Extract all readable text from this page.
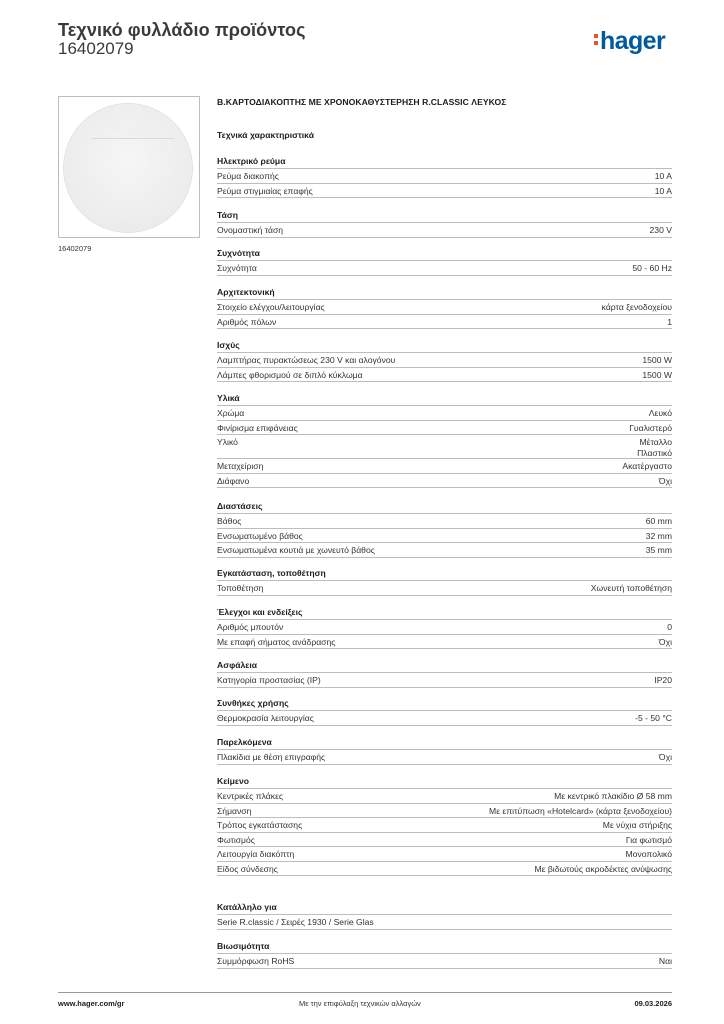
Τεχνικό φυλλάδιο προϊόντος
16402079	hager
Hotelcard
16402079
Β.ΚΑΡΤΟΔΙΑΚΟΠΤΗΣ ΜΕ ΧΡΟΝΟΚΑΘΥΣΤΕΡΗΣΗ R.CLASSIC ΛΕΥΚΟΣ
Τεχνικά χαρακτηριστικά
Ηλεκτρικό ρεύμα
Ρεύμα διακοπής	10 A
Ρεύμα στιγμιαίας επαφής	10 A
Τάση
Ονομαστική τάση	230 V
Συχνότητα
Συχνότητα	50 - 60 Hz
Αρχιτεκτονική
Στοιχείο ελέγχου/λειτουργίας	κάρτα ξενοδοχείου
Αριθμός πόλων	1
Ισχύς
Λαμπτήρας πυρακτώσεως 230 V και αλογόνου	1500 W
Λάμπες φθορισμού σε διπλό κύκλωμα	1500 W
Υλικά
Χρώμα	Λευκό
Φινίρισμα επιφάνειας	Γυαλιστερό
Υλικό	Μέταλλο
Πλαστικό
Μεταχείριση	Ακατέργαστο
Διάφανο	Όχι
Διαστάσεις
Βάθος	60 mm
Ενσωματωμένο βάθος	32 mm
Ενσωματωμένα κουτιά με χωνευτό βάθος	35 mm
Εγκατάσταση, τοποθέτηση
Τοποθέτηση	Χωνευτή τοποθέτηση
Έλεγχοι και ενδείξεις
Αριθμός μπουτόν	0
Με επαφή σήματος ανάδρασης	Όχι
Ασφάλεια
Κατηγορία προστασίας (IP)	IP20
Συνθήκες χρήσης
Θερμοκρασία λειτουργίας	-5 - 50 °C
Παρελκόμενα
Πλακίδια με θέση επιγραφής	Όχι
Κείμενο
Κεντρικές πλάκες	Με κεντρικό πλακίδιο Ø 58 mm
Σήμανση	Με επιτύπωση «Hotelcard» (κάρτα ξενοδοχείου)
Τρόπος εγκατάστασης	Με νύχια στήριξης
Φωτισμός	Για φωτισμό
Λειτουργία διακόπτη	Μονοπολικό
Είδος σύνδεσης	Με βιδωτούς ακροδέκτες ανύψωσης
Κατάλληλο για
Serie R.classic / Σειρές 1930 / Serie Glas
Βιωσιμότητα
Συμμόρφωση RoHS	Ναι
www.hager.com/gr	Με την επιφύλαξη τεχνικών αλλαγών	09.03.2026
